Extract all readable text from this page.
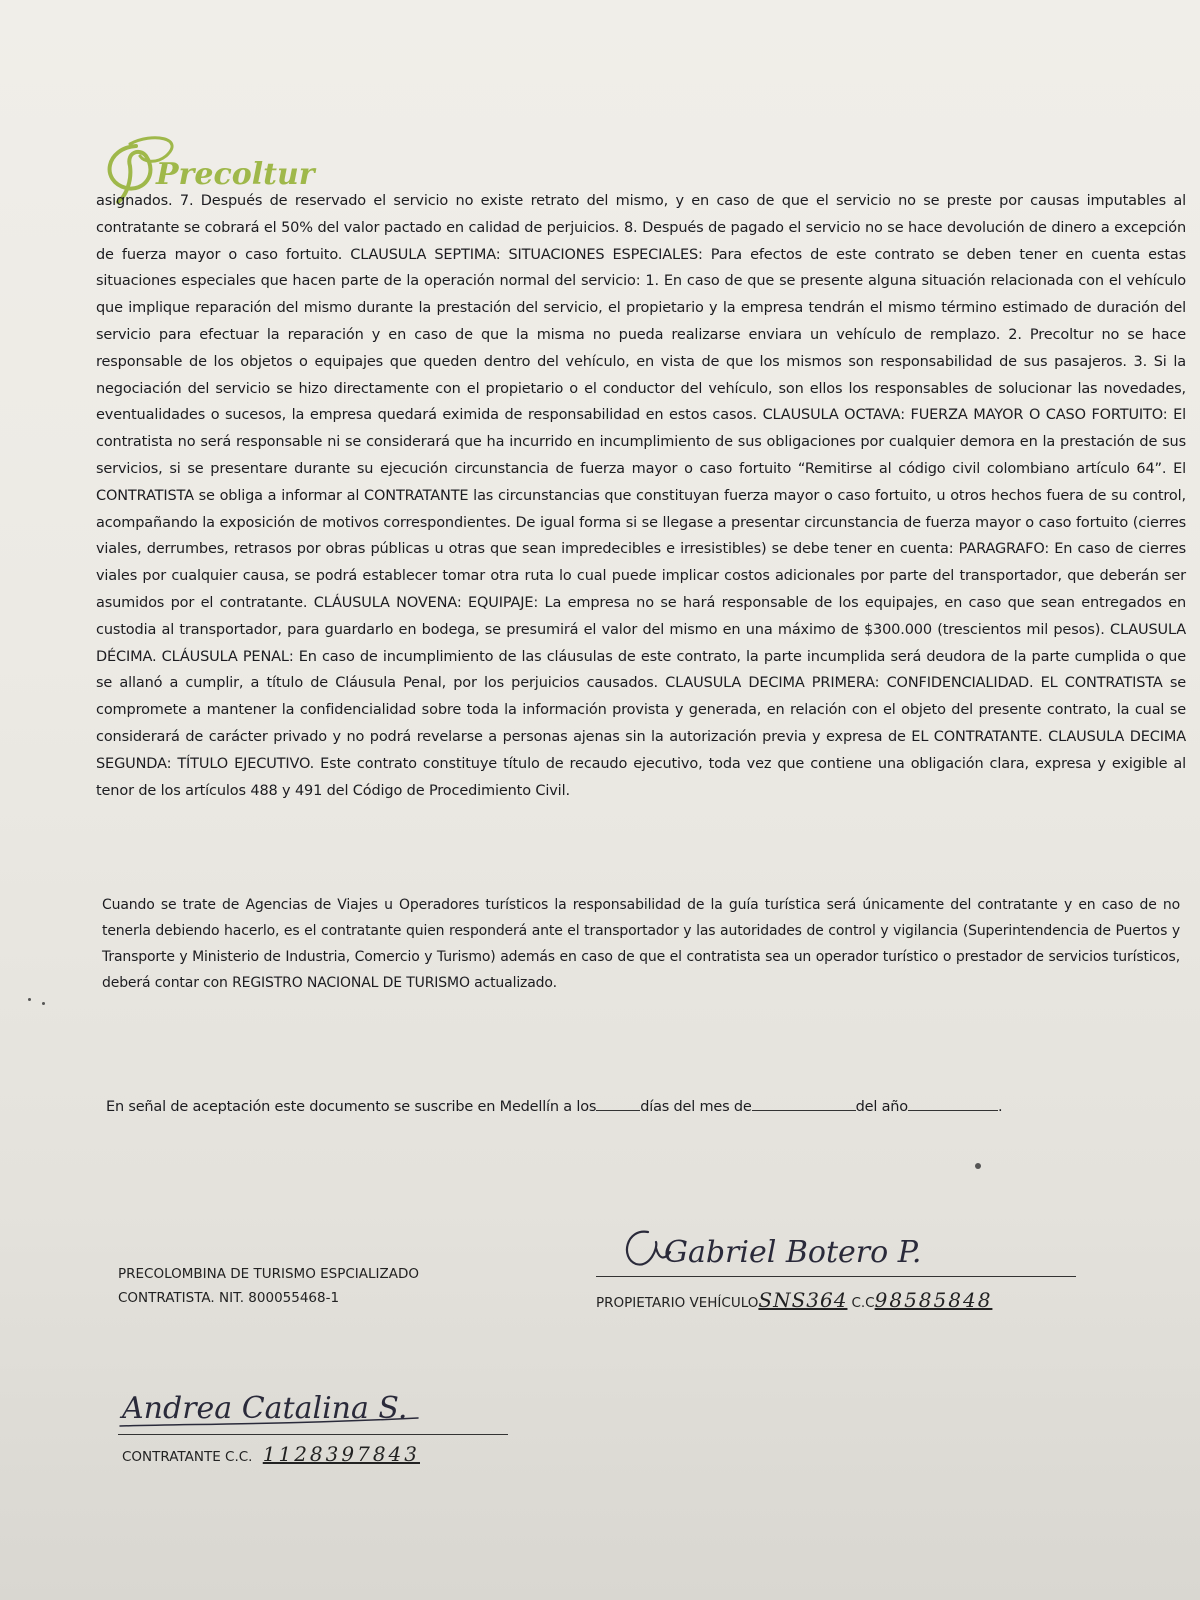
Precoltur

asignados. 7. Después de reservado el servicio no existe retrato del mismo, y en caso de que el servicio no se preste por causas imputables al contratante se cobrará el 50% del valor pactado en calidad de perjuicios. 8. Después de pagado el servicio no se hace devolución de dinero a excepción de fuerza mayor o caso fortuito. CLAUSULA SEPTIMA: SITUACIONES ESPECIALES: Para efectos de este contrato se deben tener en cuenta estas situaciones especiales que hacen parte de la operación normal del servicio: 1. En caso de que se presente alguna situación relacionada con el vehículo que implique reparación del mismo durante la prestación del servicio, el propietario y la empresa tendrán el mismo término estimado de duración del servicio para efectuar la reparación y en caso de que la misma no pueda realizarse enviara un vehículo de remplazo. 2. Precoltur no se hace responsable de los objetos o equipajes que queden dentro del vehículo, en vista de que los mismos son responsabilidad de sus pasajeros. 3. Si la negociación del servicio se hizo directamente con el propietario o el conductor del vehículo, son ellos los responsables de solucionar las novedades, eventualidades o sucesos, la empresa quedará eximida de responsabilidad en estos casos. CLAUSULA OCTAVA: FUERZA MAYOR O CASO FORTUITO: El contratista no será responsable ni se considerará que ha incurrido en incumplimiento de sus obligaciones por cualquier demora en la prestación de sus servicios, si se presentare durante su ejecución circunstancia de fuerza mayor o caso fortuito “Remitirse al código civil colombiano artículo 64”. El CONTRATISTA se obliga a informar al CONTRATANTE las circunstancias que constituyan fuerza mayor o caso fortuito, u otros hechos fuera de su control, acompañando la exposición de motivos correspondientes. De igual forma si se llegase a presentar circunstancia de fuerza mayor o caso fortuito (cierres viales, derrumbes, retrasos por obras públicas u otras que sean impredecibles e irresistibles) se debe tener en cuenta: PARAGRAFO: En caso de cierres viales por cualquier causa, se podrá establecer tomar otra ruta lo cual puede implicar costos adicionales por parte del transportador, que deberán ser asumidos por el contratante. CLÁUSULA NOVENA: EQUIPAJE: La empresa no se hará responsable de los equipajes, en caso que sean entregados en custodia al transportador, para guardarlo en bodega, se presumirá el valor del mismo en una máximo de $300.000 (trescientos mil pesos). CLAUSULA DÉCIMA. CLÁUSULA PENAL: En caso de incumplimiento de las cláusulas de este contrato, la parte incumplida será deudora de la parte cumplida o que se allanó a cumplir, a título de Cláusula Penal, por los perjuicios causados. CLAUSULA DECIMA PRIMERA: CONFIDENCIALIDAD. EL CONTRATISTA se compromete a mantener la confidencialidad sobre toda la información provista y generada, en relación con el objeto del presente contrato, la cual se considerará de carácter privado y no podrá revelarse a personas ajenas sin la autorización previa y expresa de EL CONTRATANTE. CLAUSULA DECIMA SEGUNDA: TÍTULO EJECUTIVO. Este contrato constituye título de recaudo ejecutivo, toda vez que contiene una obligación clara, expresa y exigible al tenor de los artículos 488 y 491 del Código de Procedimiento Civil.

Cuando se trate de Agencias de Viajes u Operadores turísticos la responsabilidad de la guía turística será únicamente del contratante y en caso de no tenerla debiendo hacerlo, es el contratante quien responderá ante el transportador y las autoridades de control y vigilancia (Superintendencia de Puertos y Transporte y Ministerio de Industria, Comercio y Turismo) además en caso de que el contratista sea un operador turístico o prestador de servicios turísticos, deberá contar con REGISTRO NACIONAL DE TURISMO actualizado.

En señal de aceptación este documento se suscribe en Medellín a los	días del mes de	del año	.
PRECOLOMBINA DE TURISMO ESPCIALIZADO
CONTRATISTA. NIT. 800055468-1
Gabriel Botero P.
PROPIETARIO VEHÍCULOSNS364 C.C98585848
Andrea Catalina S.
CONTRATANTE C.C. 1128397843
